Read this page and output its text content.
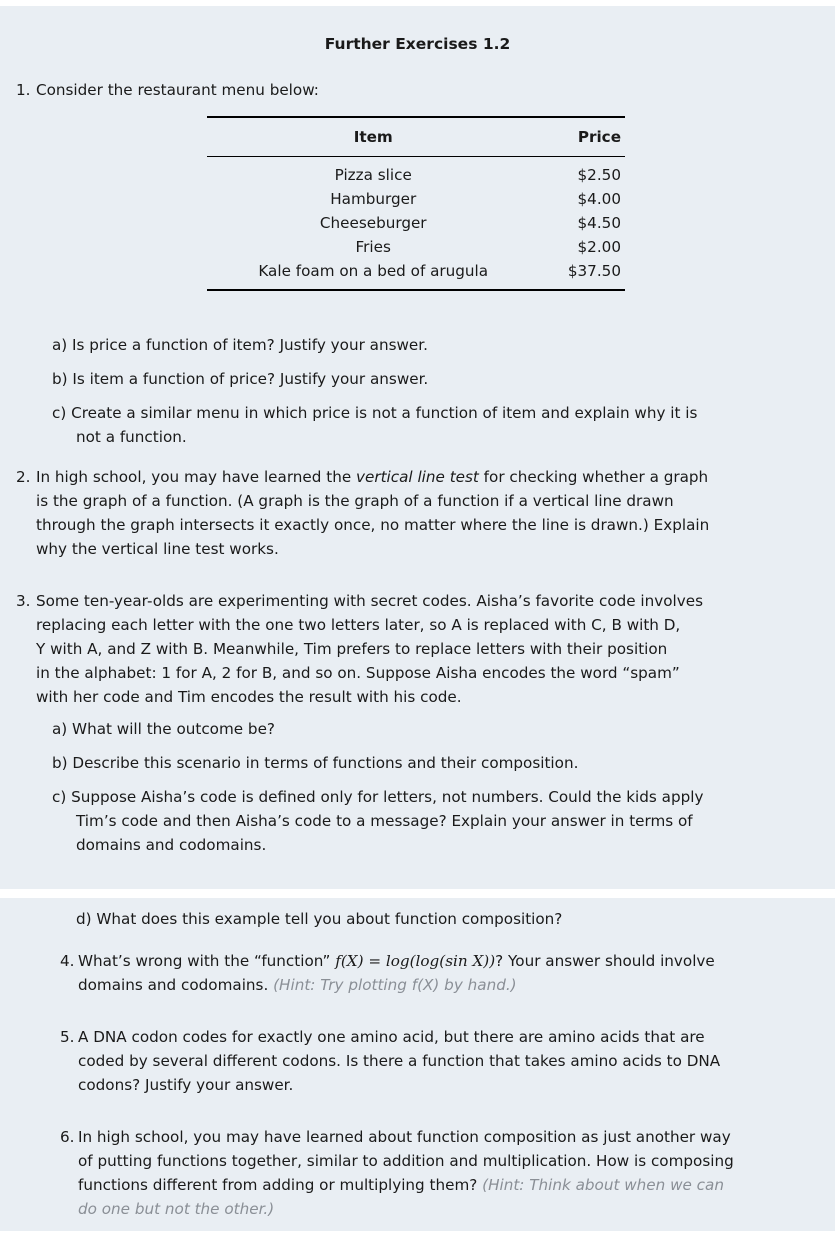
Further Exercises 1.2
1. Consider the restaurant menu below:
Item	Price
Pizza slice	$2.50
Hamburger	$4.00
Cheeseburger	$4.50
Fries	$2.00
Kale foam on a bed of arugula	$37.50
a) Is price a function of item? Justify your answer.
b) Is item a function of price? Justify your answer.
c) Create a similar menu in which price is not a function of item and explain why it is
not a function.
2. In high school, you may have learned the vertical line test for checking whether a graph
is the graph of a function. (A graph is the graph of a function if a vertical line drawn
through the graph intersects it exactly once, no matter where the line is drawn.) Explain
why the vertical line test works.
3. Some ten-year-olds are experimenting with secret codes. Aisha’s favorite code involves
replacing each letter with the one two letters later, so A is replaced with C, B with D,
Y with A, and Z with B. Meanwhile, Tim prefers to replace letters with their position
in the alphabet: 1 for A, 2 for B, and so on. Suppose Aisha encodes the word “spam”
with her code and Tim encodes the result with his code.
a) What will the outcome be?
b) Describe this scenario in terms of functions and their composition.
c) Suppose Aisha’s code is defined only for letters, not numbers. Could the kids apply
Tim’s code and then Aisha’s code to a message? Explain your answer in terms of
domains and codomains.
d) What does this example tell you about function composition?
4. What’s wrong with the “function” f(X) = log(log(sin X))? Your answer should involve
domains and codomains. (Hint: Try plotting f(X) by hand.)
5. A DNA codon codes for exactly one amino acid, but there are amino acids that are
coded by several different codons. Is there a function that takes amino acids to DNA
codons? Justify your answer.
6. In high school, you may have learned about function composition as just another way
of putting functions together, similar to addition and multiplication. How is composing
functions different from adding or multiplying them? (Hint: Think about when we can
do one but not the other.)
